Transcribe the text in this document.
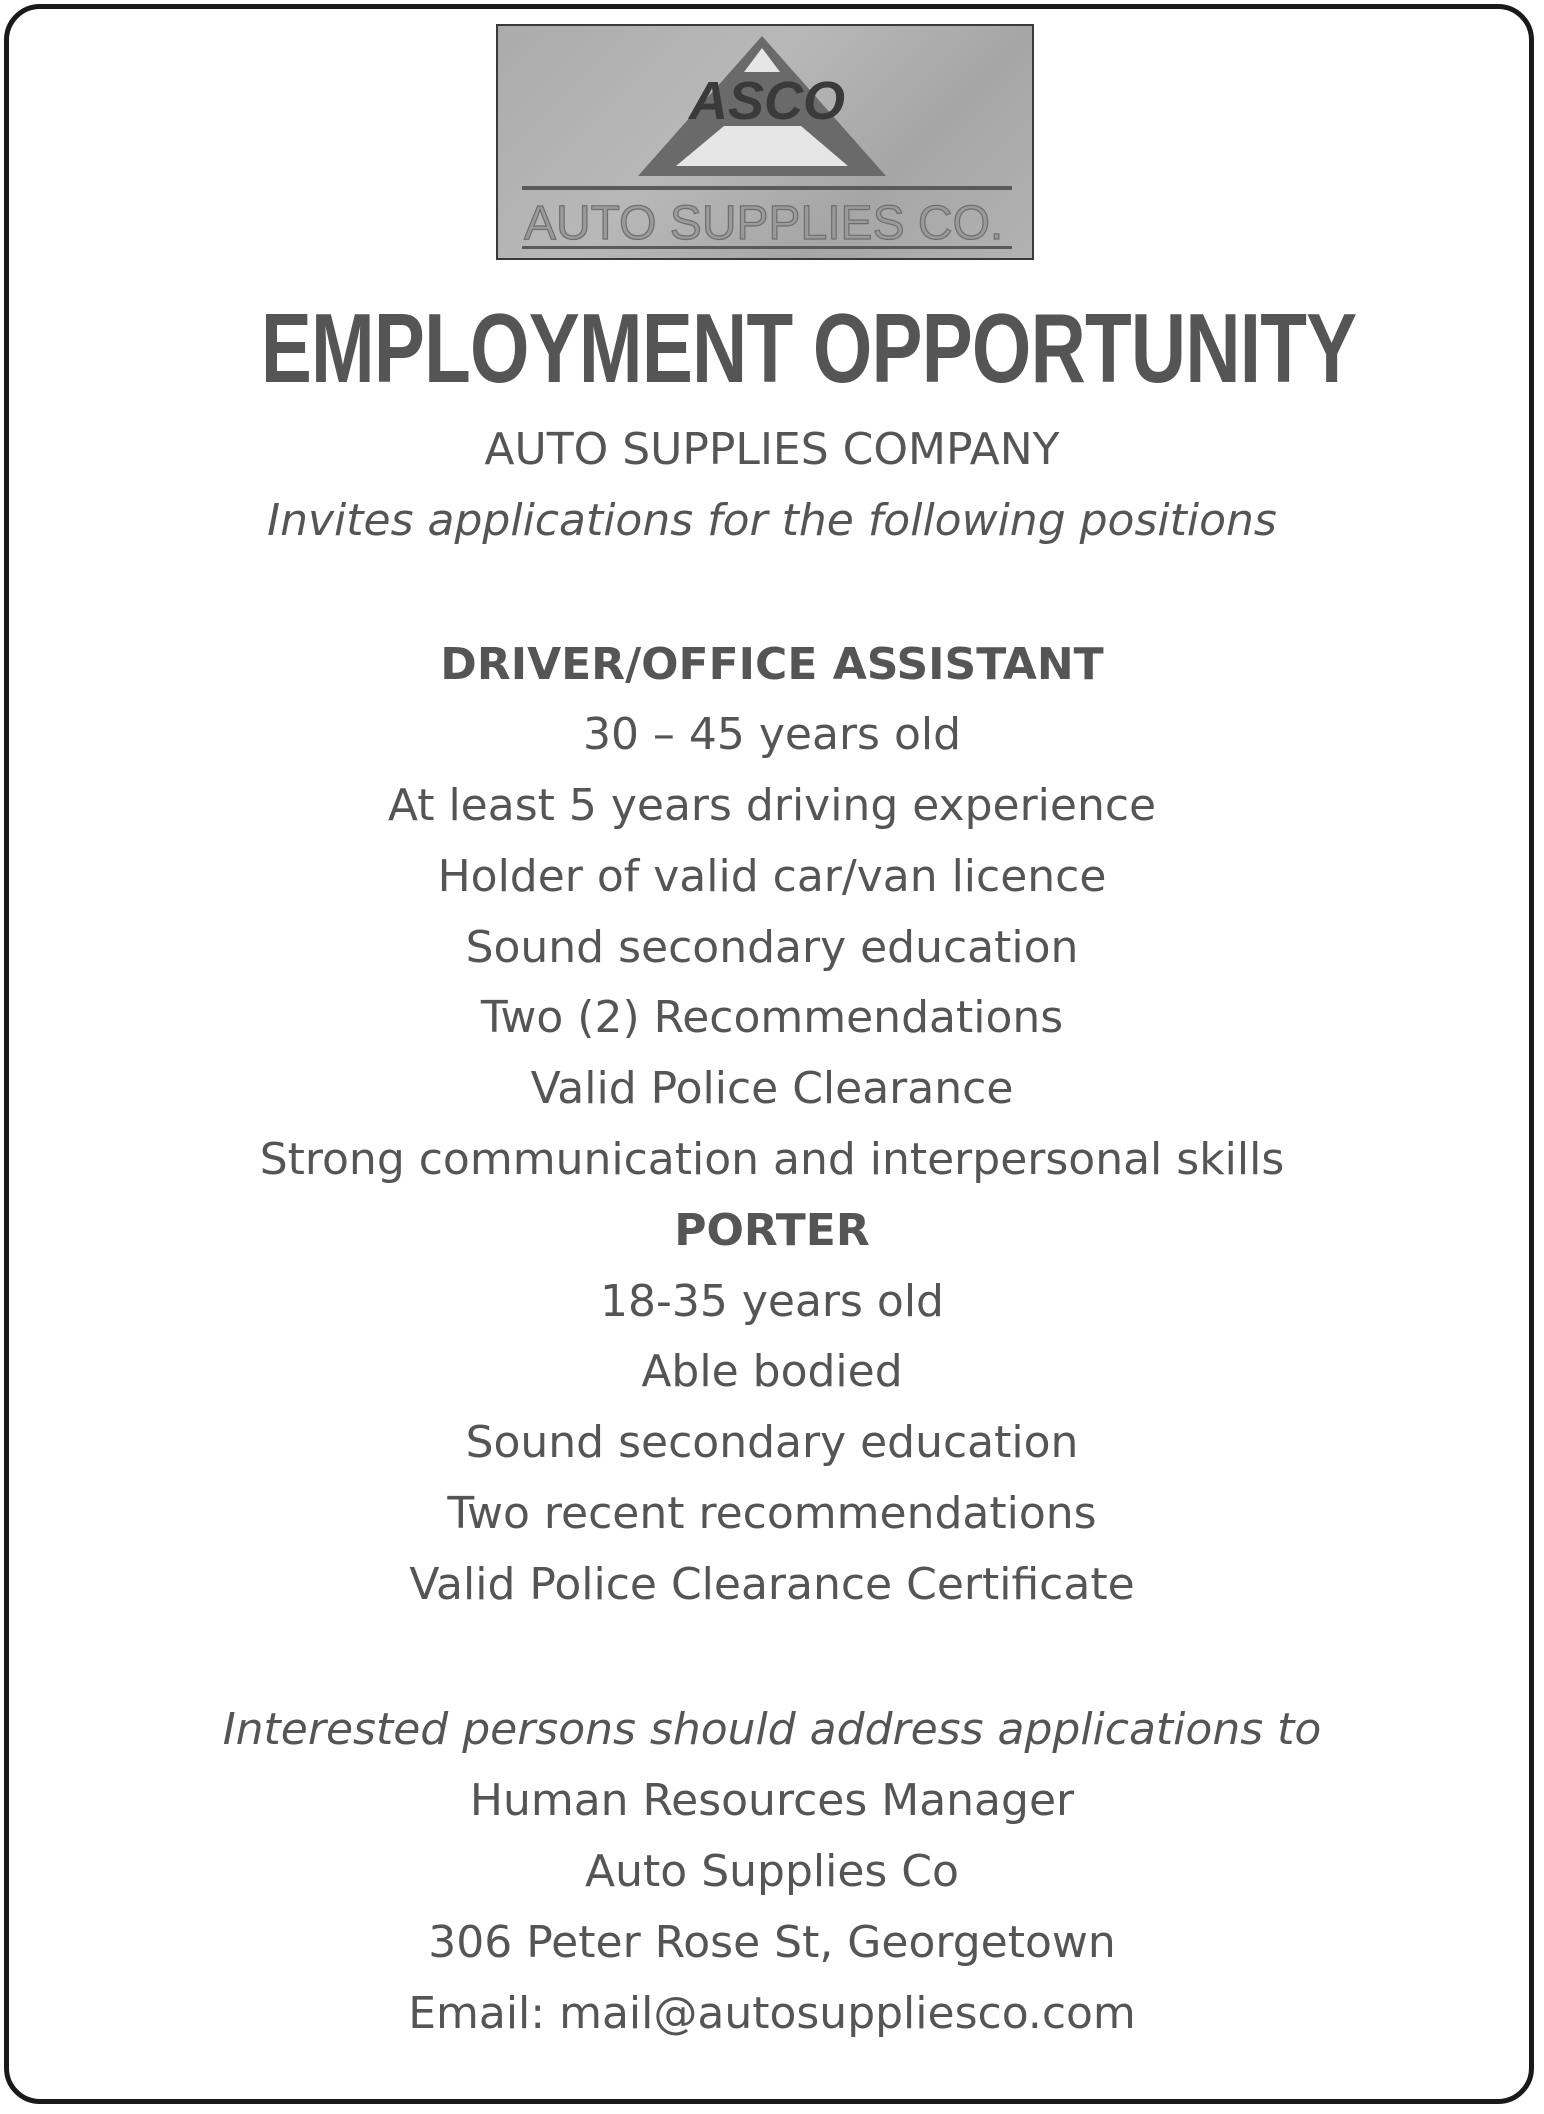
ASCO
AUTO SUPPLIES CO.
EMPLOYMENT OPPORTUNITY
AUTO SUPPLIES COMPANY
Invites applications for the following positions
DRIVER/OFFICE ASSISTANT
30 – 45 years old
At least 5 years driving experience
Holder of valid car/van licence
Sound secondary education
Two (2) Recommendations
Valid Police Clearance
Strong communication and interpersonal skills
PORTER
18-35 years old
Able bodied
Sound secondary education
Two recent recommendations
Valid Police Clearance Certificate
Interested persons should address applications to
Human Resources Manager
Auto Supplies Co
306 Peter Rose St, Georgetown
Email: mail@autosuppliesco.com
